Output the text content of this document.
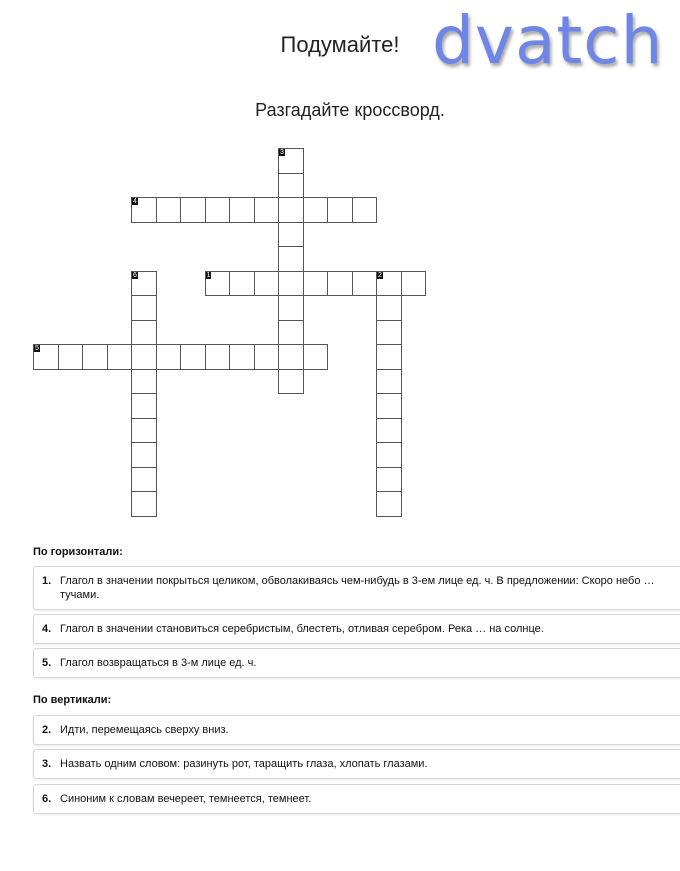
Подумайте! dvatch
Разгадайте кроссворд.
1	2
3
4
5
6
По горизонтали:
1. Глагол в значении покрыться целиком, обволакиваясь чем-нибудь в 3-ем лице ед. ч. В предложении: Скоро небо … тучами.
4. Глагол в значении становиться серебристым, блестеть, отливая серебром. Река … на солнце.
5. Глагол возвращаться в 3-м лице ед. ч.
По вертикали:
2. Идти, перемещаясь сверху вниз.
3. Назвать одним словом: разинуть рот, таращить глаза, хлопать глазами.
6. Синоним к словам вечереет, темнеется, темнеет.
